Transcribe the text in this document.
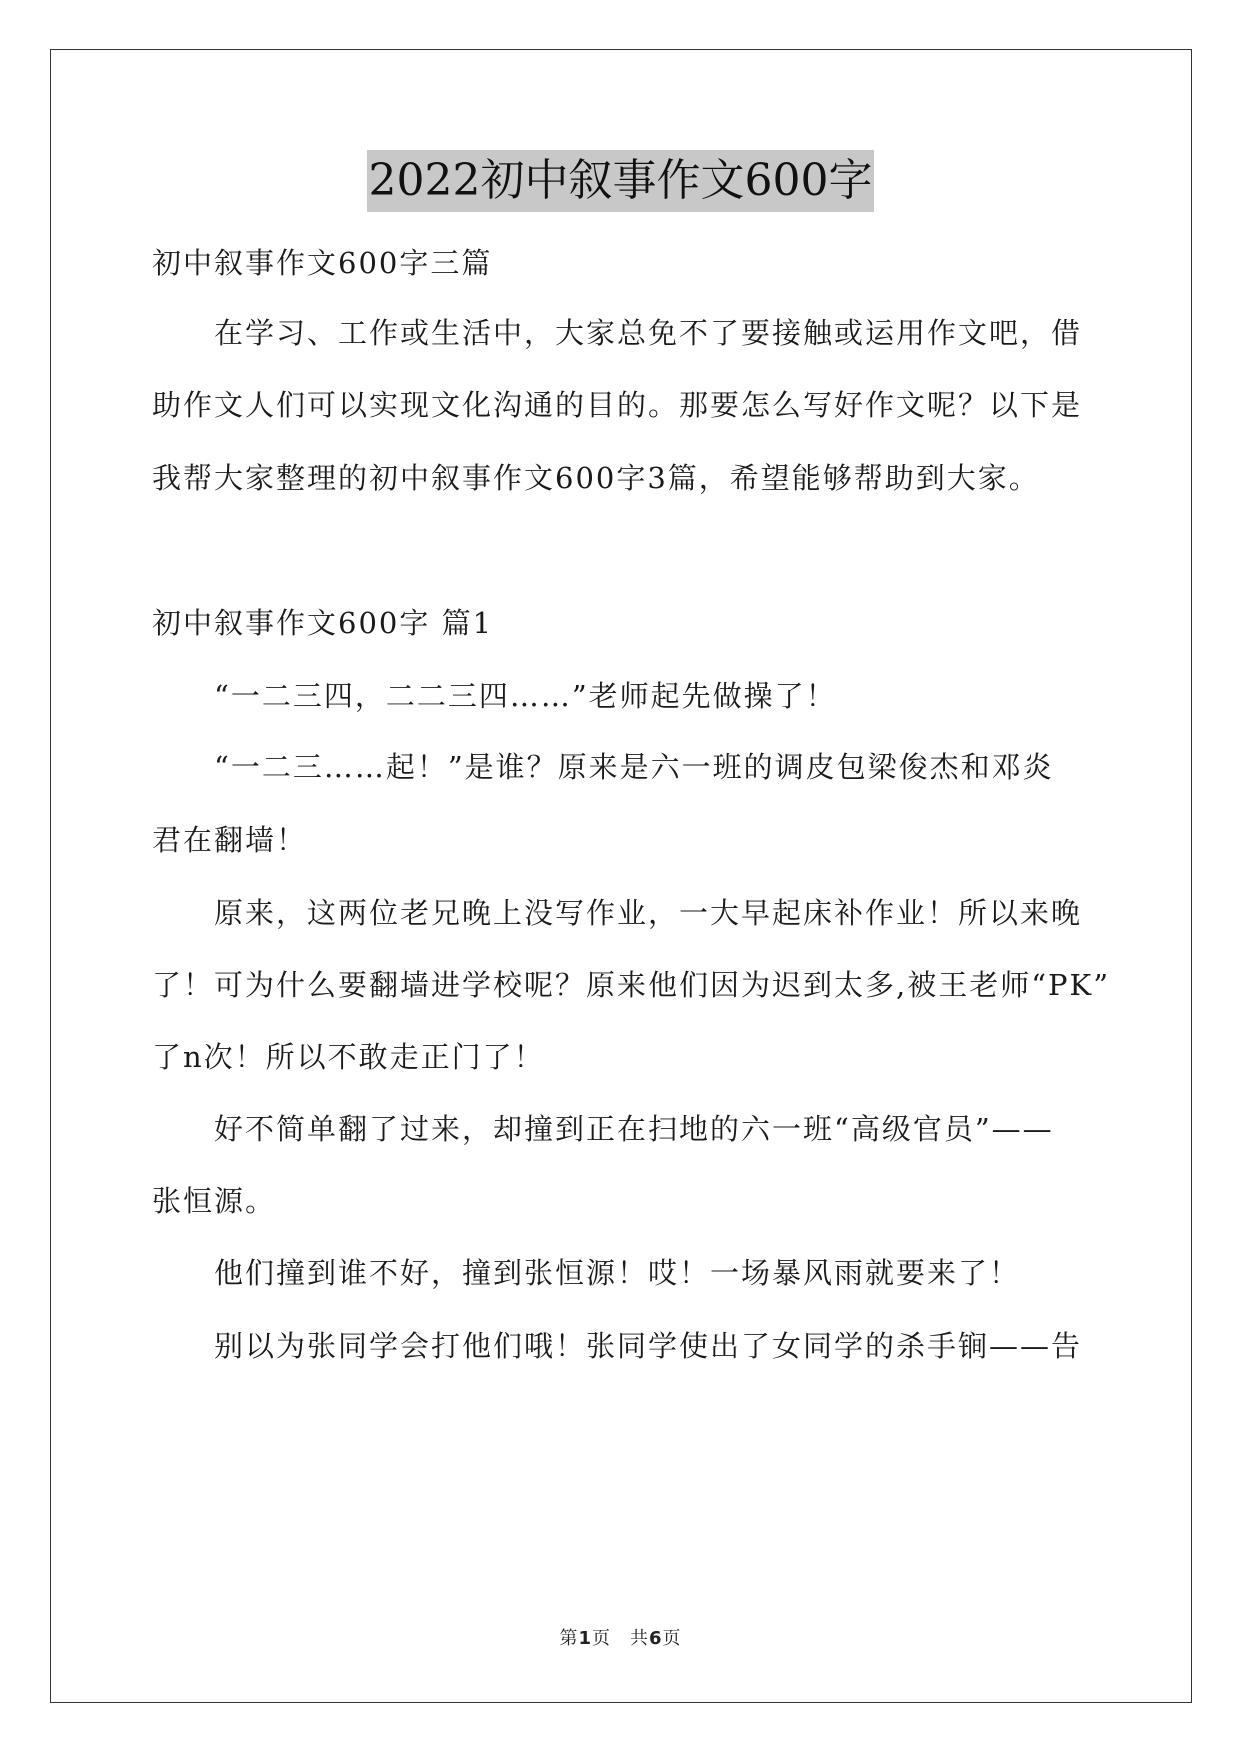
2022初中叙事作文600字
初中叙事作文600字三篇
　　在学习、工作或生活中，大家总免不了要接触或运用作文吧，借
助作文人们可以实现文化沟通的目的。那要怎么写好作文呢？以下是
我帮大家整理的初中叙事作文600字3篇，希望能够帮助到大家。
初中叙事作文600字 篇1
　　“一二三四，二二三四……”老师起先做操了！
　　“一二三……起！”是谁？原来是六一班的调皮包梁俊杰和邓炎
君在翻墙！
　　原来，这两位老兄晚上没写作业，一大早起床补作业！所以来晚
了！可为什么要翻墙进学校呢？原来他们因为迟到太多,被王老师“PK”
了n次！所以不敢走正门了！
　　好不简单翻了过来，却撞到正在扫地的六一班“高级官员”——
张恒源。
　　他们撞到谁不好，撞到张恒源！哎！一场暴风雨就要来了！
　　别以为张同学会打他们哦！张同学使出了女同学的杀手锏——告
第1页　共6页
